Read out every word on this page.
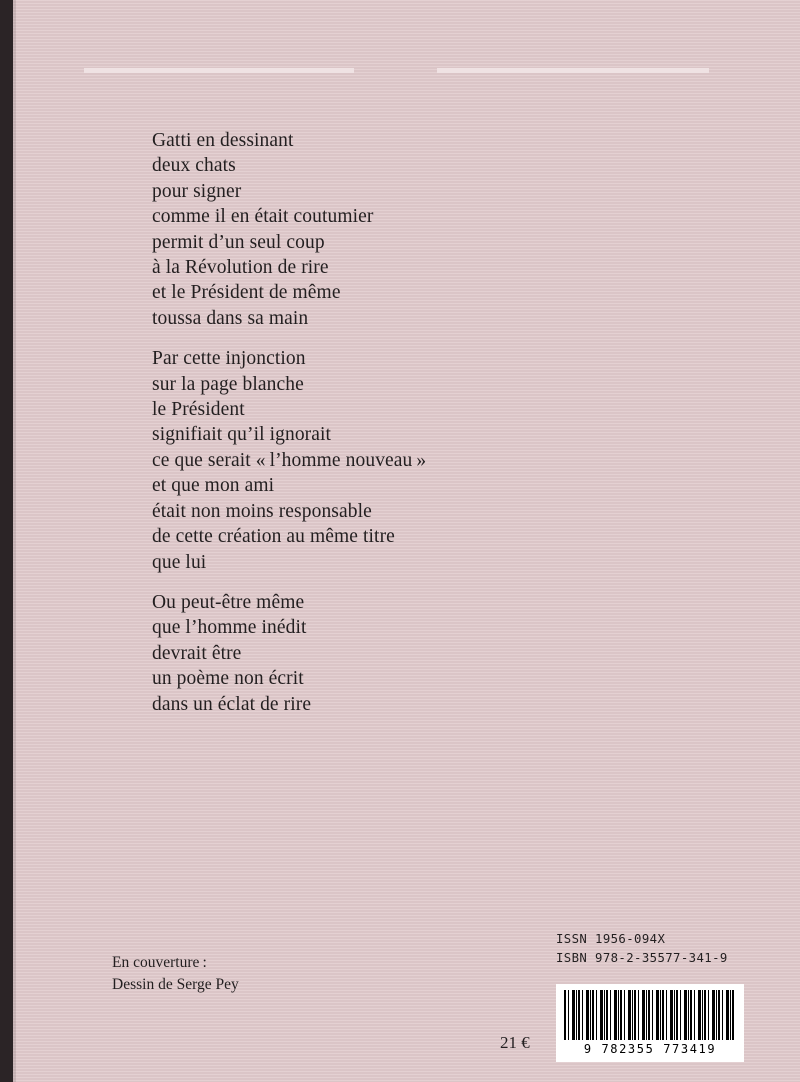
Gatti en dessinant
deux chats
pour signer
comme il en était coutumier
permit d’un seul coup
à la Révolution de rire
et le Président de même
toussa dans sa main

Par cette injonction
sur la page blanche
le Président
signifiait qu’il ignorait
ce que serait « l’homme nouveau »
et que mon ami
était non moins responsable
de cette création au même titre
que lui

Ou peut-être même
que l’homme inédit
devrait être
un poème non écrit
dans un éclat de rire

En couverture :
Dessin de Serge Pey
ISSN 1956-094X
ISBN 978-2-35577-341-9
21 €	9 782355 773419
